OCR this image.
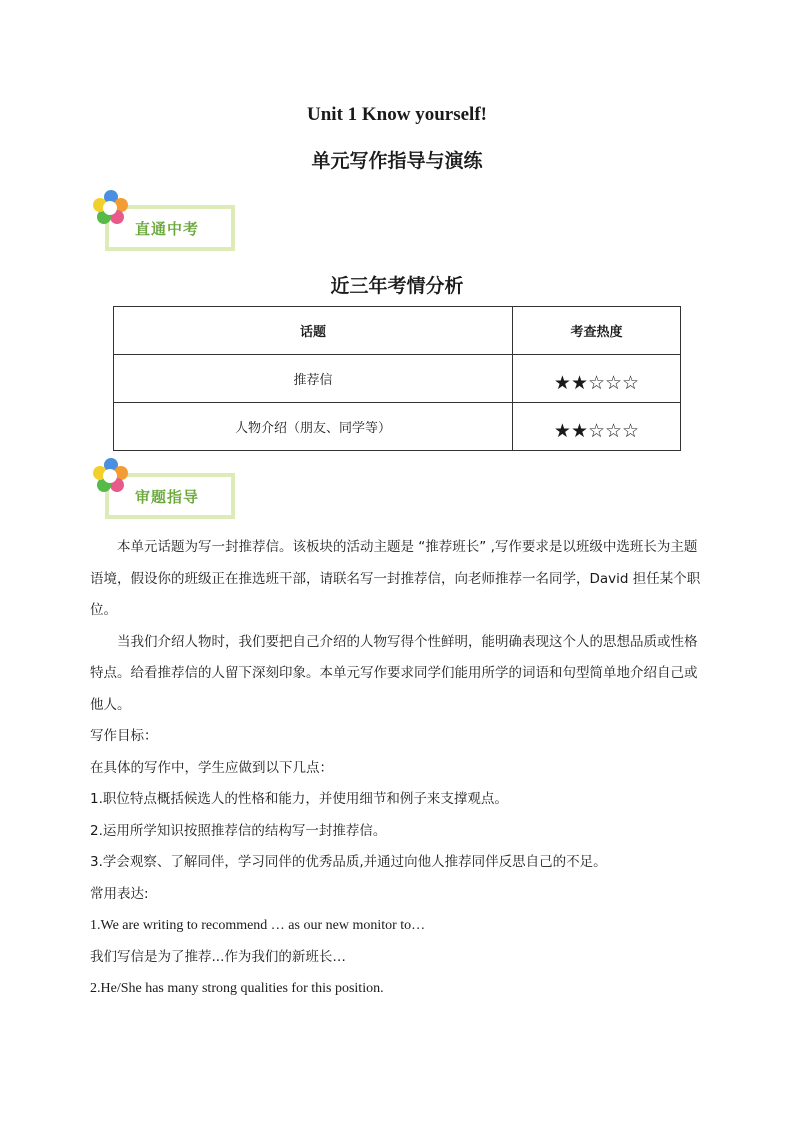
Unit 1 Know yourself!
单元写作指导与演练
直通中考
近三年考情分析
话题	考查热度
推荐信	★★☆☆☆
人物介绍（朋友、同学等）	★★☆☆☆
审题指导

本单元话题为写一封推荐信。该板块的活动主题是 “推荐班长” ,写作要求是以班级中选班长为主题语境，假设你的班级正在推选班干部，请联名写一封推荐信，向老师推荐一名同学，David 担任某个职位。

当我们介绍人物时，我们要把自己介绍的人物写得个性鲜明，能明确表现这个人的思想品质或性格特点。给看推荐信的人留下深刻印象。本单元写作要求同学们能用所学的词语和句型简单地介绍自己或他人。

写作目标：

在具体的写作中，学生应做到以下几点：

1.职位特点概括候选人的性格和能力，并使用细节和例子来支撑观点。

2.运用所学知识按照推荐信的结构写一封推荐信。

3.学会观察、了解同伴，学习同伴的优秀品质,并通过向他人推荐同伴反思自己的不足。

常用表达:

1.We are writing to recommend … as our new monitor to…

我们写信是为了推荐...作为我们的新班长…

2.He/She has many strong qualities for this position.
